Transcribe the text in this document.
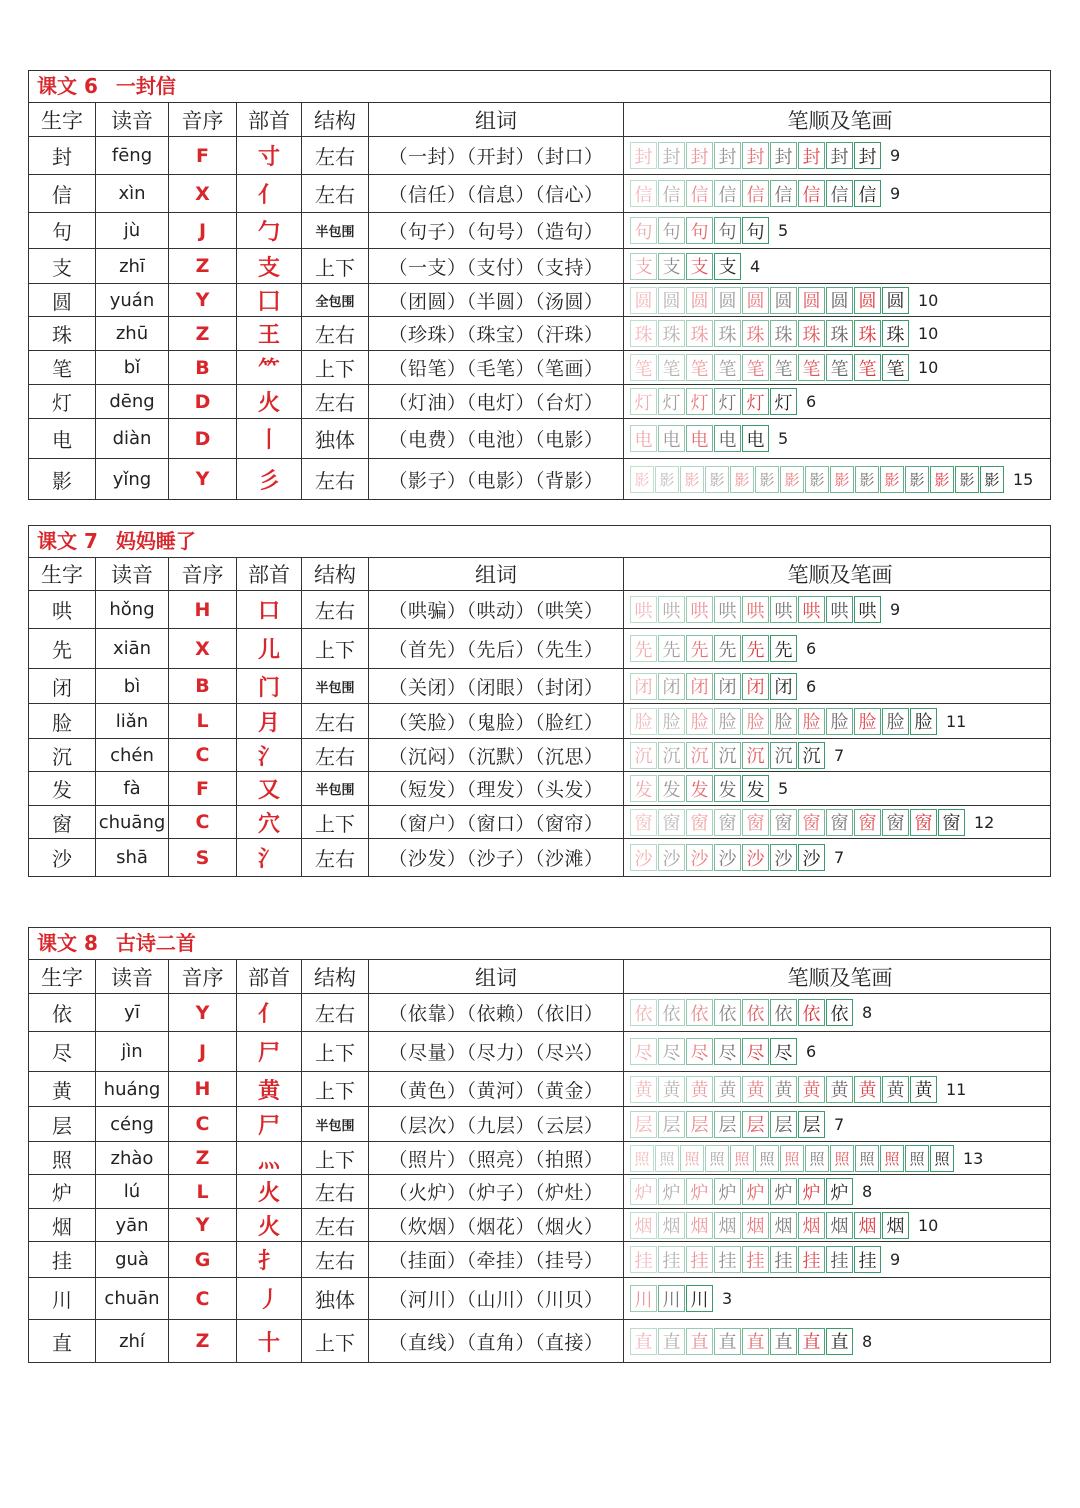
课文 6 一封信
生字	读音	音序	部首	结构	组词	笔顺及笔画
封	fēng	F	寸	左右	（一封）（开封）（封口）	封 封 封 封 封 封 封 封 封 9
信	xìn	X	亻	左右	（信任）（信息）（信心）	信 信 信 信 信 信 信 信 信 9
句	jù	J	勹	半包围	（句子）（句号）（造句）	句 句 句 句 句 5
支	zhī	Z	支	上下	（一支）（支付）（支持）	支 支 支 支 4
圆	yuán	Y	囗	全包围	（团圆）（半圆）（汤圆）	圆 圆 圆 圆 圆 圆 圆 圆 圆 圆 10
珠	zhū	Z	王	左右	（珍珠）（珠宝）（汗珠）	珠 珠 珠 珠 珠 珠 珠 珠 珠 珠 10
笔	bǐ	B	⺮	上下	（铅笔）（毛笔）（笔画）	笔 笔 笔 笔 笔 笔 笔 笔 笔 笔 10
灯	dēng	D	火	左右	（灯油）（电灯）（台灯）	灯 灯 灯 灯 灯 灯 6
电	diàn	D	丨	独体	（电费）（电池）（电影）	电 电 电 电 电 5
影	yǐng	Y	彡	左右	（影子）（电影）（背影）	影 影 影 影 影 影 影 影 影 影 影 影 影 影 影 15
课文 7 妈妈睡了
生字	读音	音序	部首	结构	组词	笔顺及笔画
哄	hǒng	H	口	左右	（哄骗）（哄动）（哄笑）	哄 哄 哄 哄 哄 哄 哄 哄 哄 9
先	xiān	X	儿	上下	（首先）（先后）（先生）	先 先 先 先 先 先 6
闭	bì	B	门	半包围	（关闭）（闭眼）（封闭）	闭 闭 闭 闭 闭 闭 6
脸	liǎn	L	月	左右	（笑脸）（鬼脸）（脸红）	脸 脸 脸 脸 脸 脸 脸 脸 脸 脸 脸 11
沉	chén	C	氵	左右	（沉闷）（沉默）（沉思）	沉 沉 沉 沉 沉 沉 沉 7
发	fà	F	又	半包围	（短发）（理发）（头发）	发 发 发 发 发 5
窗	chuāng	C	穴	上下	（窗户）（窗口）（窗帘）	窗 窗 窗 窗 窗 窗 窗 窗 窗 窗 窗 窗 12
沙	shā	S	氵	左右	（沙发）（沙子）（沙滩）	沙 沙 沙 沙 沙 沙 沙 7
课文 8 古诗二首
生字	读音	音序	部首	结构	组词	笔顺及笔画
依	yī	Y	亻	左右	（依靠）（依赖）（依旧）	依 依 依 依 依 依 依 依 8
尽	jìn	J	尸	上下	（尽量）（尽力）（尽兴）	尽 尽 尽 尽 尽 尽 6
黄	huáng	H	黄	上下	（黄色）（黄河）（黄金）	黄 黄 黄 黄 黄 黄 黄 黄 黄 黄 黄 11
层	céng	C	尸	半包围	（层次）（九层）（云层）	层 层 层 层 层 层 层 7
照	zhào	Z	灬	上下	（照片）（照亮）（拍照）	照 照 照 照 照 照 照 照 照 照 照 照 照 13
炉	lú	L	火	左右	（火炉）（炉子）（炉灶）	炉 炉 炉 炉 炉 炉 炉 炉 8
烟	yān	Y	火	左右	（炊烟）（烟花）（烟火）	烟 烟 烟 烟 烟 烟 烟 烟 烟 烟 10
挂	guà	G	扌	左右	（挂面）（牵挂）（挂号）	挂 挂 挂 挂 挂 挂 挂 挂 挂 9
川	chuān	C	丿	独体	（河川）（山川）（川贝）	川 川 川 3
直	zhí	Z	十	上下	（直线）（直角）（直接）	直 直 直 直 直 直 直 直 8
